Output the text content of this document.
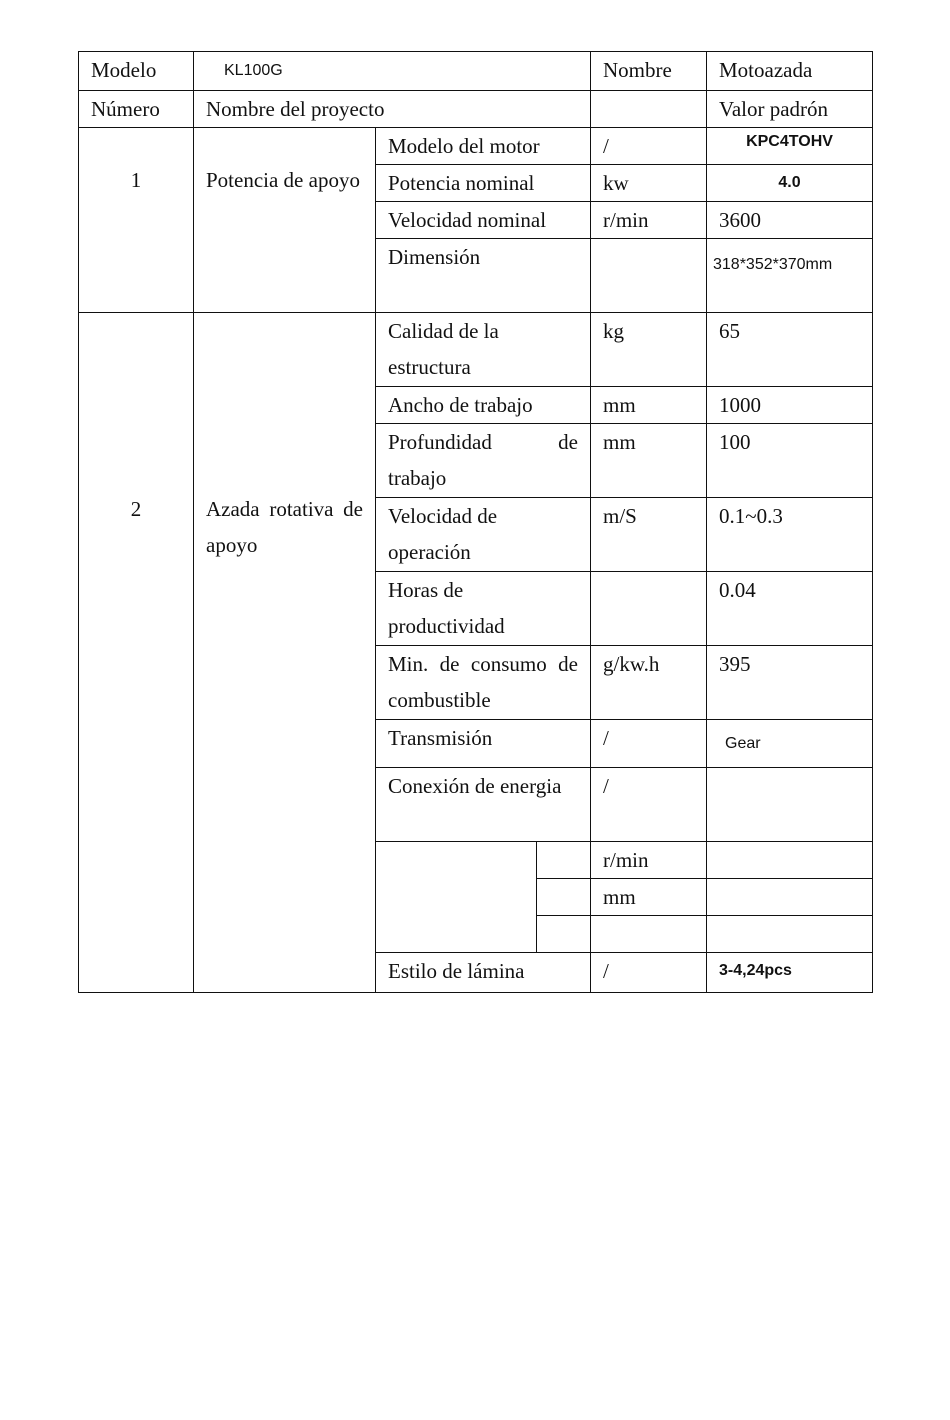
Modelo	KL100G			Nombre	Motoazada
Número	Nombre del proyecto				Valor padrón
1	Potencia de apoyo	Modelo del motor		/	KPC4TOHV
		Potencia nominal		kw	4.0
		Velocidad nominal		r/min	3600
		Dimensión			318*352*370mm
2	Azada rotativa de apoyo	Calidad de la estructura		kg	65
		Ancho de trabajo		mm	1000
		Profundidad de trabajo		mm	100
		Velocidad de operación		m/S	0.1~0.3
		Horas de productividad			0.04
		Min. de consumo de combustible		g/kw.h	395
		Transmisión		/	Gear
		Conexión de energia		/	
				r/min	
				mm	

		Estilo de lámina		/	3-4,24pcs
